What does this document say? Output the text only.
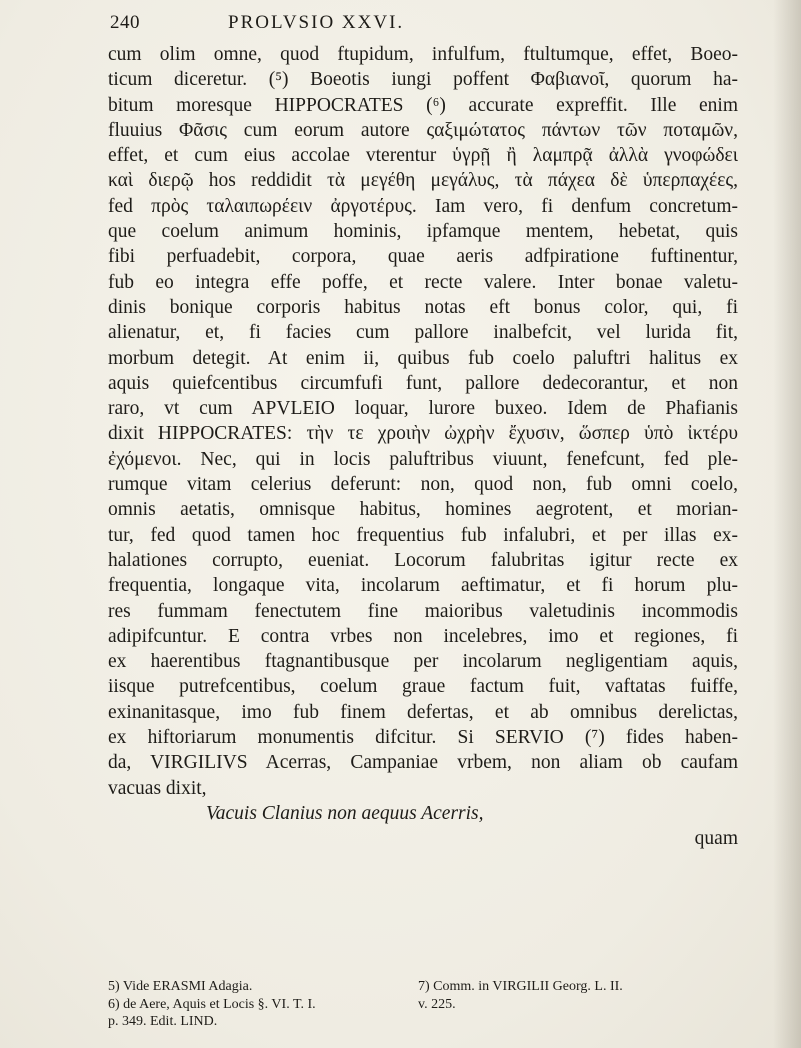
240	PROLVSIO XXVI.
cum olim omne, quod ftupidum, infulfum, ftultumque, effet, Boeo-
ticum diceretur. (⁵) Boeotis iungi poffent Φαβιανοῖ, quorum ha-
bitum moresque HIPPOCRATES (⁶) accurate expreffit. Ille enim
fluuius Φᾶσις cum eorum autore ςαξιμώτατος πάντων τῶν ποταμῶν,
effet, et cum eius accolae vterentur ὑγρῇ ἢ λαμπρᾷ ἀλλὰ γνοφώδει
καὶ διερῷ hos reddidit τὰ μεγέθη μεγάλυς, τὰ πάχεα δὲ ὑπερπαχέες,
fed πρὸς ταλαιπωρέειν ἀργοτέρυς. Iam vero, fi denfum concretum-
que coelum animum hominis, ipfamque mentem, hebetat, quis
fibi perfuadebit, corpora, quae aeris adfpiratione fuftinentur,
fub eo integra effe poffe, et recte valere. Inter bonae valetu-
dinis bonique corporis habitus notas eft bonus color, qui, fi
alienatur, et, fi facies cum pallore inalbefcit, vel lurida fit,
morbum detegit. At enim ii, quibus fub coelo paluftri halitus ex
aquis quiefcentibus circumfufi funt, pallore dedecorantur, et non
raro, vt cum APVLEIO loquar, lurore buxeo. Idem de Phafianis
dixit HIPPOCRATES: τὴν τε χροιὴν ὠχρὴν ἔχυσιν, ὥσπερ ὑπὸ ἰκτέρυ
ἐχόμενοι. Nec, qui in locis paluftribus viuunt, fenefcunt, fed ple-
rumque vitam celerius deferunt: non, quod non, fub omni coelo,
omnis aetatis, omnisque habitus, homines aegrotent, et morian-
tur, fed quod tamen hoc frequentius fub infalubri, et per illas ex-
halationes corrupto, eueniat. Locorum falubritas igitur recte ex
frequentia, longaque vita, incolarum aeftimatur, et fi horum plu-
res fummam fenectutem fine maioribus valetudinis incommodis
adipifcuntur. E contra vrbes non incelebres, imo et regiones, fi
ex haerentibus ftagnantibusque per incolarum negligentiam aquis,
iisque putrefcentibus, coelum graue factum fuit, vaftatas fuiffe,
exinanitasque, imo fub finem defertas, et ab omnibus derelictas,
ex hiftoriarum monumentis difcitur. Si SERVIO (⁷) fides haben-
da, VIRGILIVS Acerras, Campaniae vrbem, non aliam ob caufam
vacuas dixit,
Vacuis Clanius non aequus Acerris,
quam
5) Vide ERASMI Adagia.	7) Comm. in VIRGILII Georg. L. II.
6) de Aere, Aquis et Locis §. VI. T. I.	v. 225.
p. 349. Edit. LIND.
